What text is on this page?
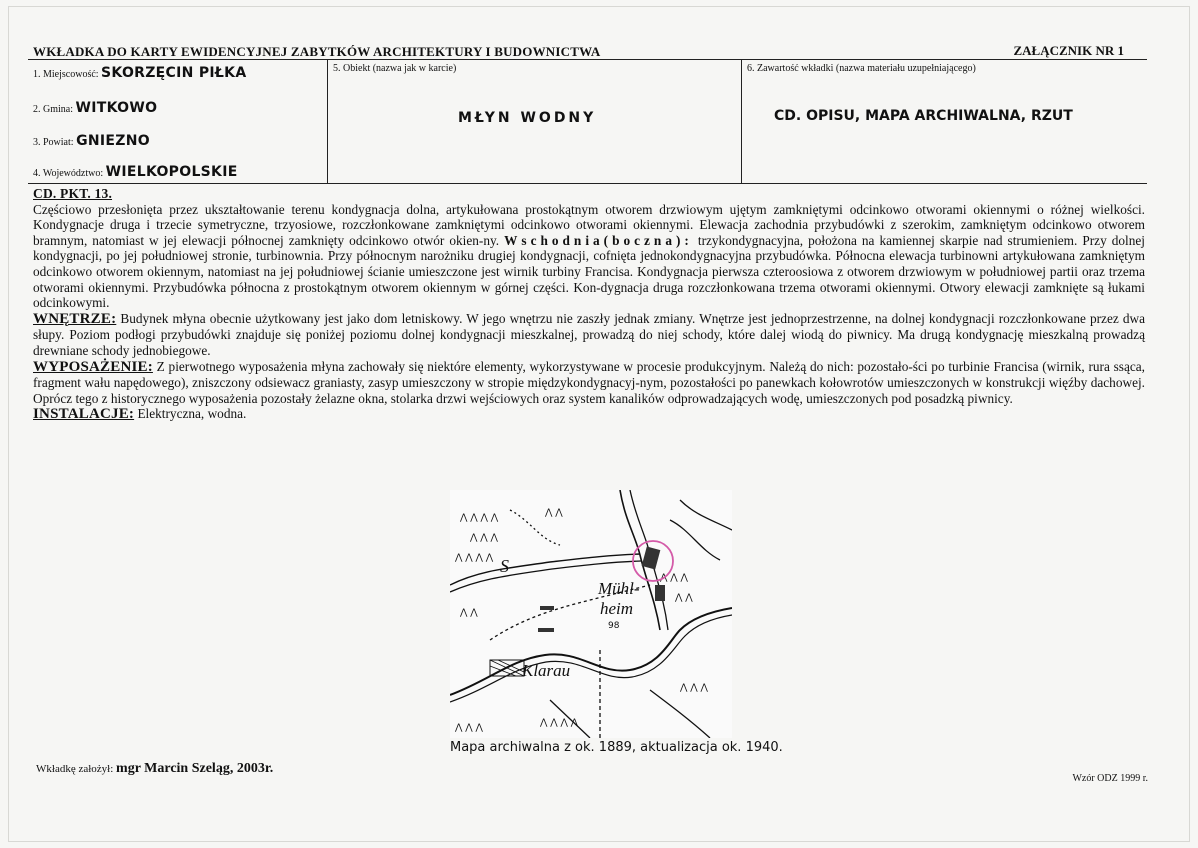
WKŁADKA DO KARTY EWIDENCYJNEJ ZABYTKÓW ARCHITEKTURY I BUDOWNICTWA	ZAŁĄCZNIK NR 1
1. Miejscowość: SKORZĘCIN PIŁKA
2. Gmina: WITKOWO
3. Powiat: GNIEZNO
4. Województwo: WIELKOPOLSKIE
5. Obiekt (nazwa jak w karcie)
MŁYN WODNY
6. Zawartość wkładki (nazwa materiału uzupełniającego)
CD. OPISU, MAPA ARCHIWALNA, RZUT

CD. PKT. 13.

Częściowo przesłonięta przez ukształtowanie terenu kondygnacja dolna, artykułowana prostokątnym otworem drzwiowym ujętym zamkniętymi odcinkowo otworami okiennymi o różnej wielkości. Kondygnacje druga i trzecie symetryczne, trzyosiowe, rozczłonkowane zamkniętymi odcinkowo otworami okiennymi. Elewacja zachodnia przybudówki z szerokim, zamkniętym odcinkowo otworem bramnym, natomiast w jej elewacji północnej zamknięty odcinkowo otwór okien-ny. Wschodnia(boczna): trzykondygnacyjna, położona na kamiennej skarpie nad strumieniem. Przy dolnej kondygnacji, po jej południowej stronie, turbinownia. Przy północnym narożniku drugiej kondygnacji, cofnięta jednokondygnacyjna przybudówka. Północna elewacja turbinowni artykułowana zamkniętym odcinkowo otworem okiennym, natomiast na jej południowej ścianie umieszczone jest wirnik turbiny Francisa. Kondygnacja pierwsza czteroosiowa z otworem drzwiowym w południowej partii oraz trzema otworami okiennymi. Przybudówka północna z prostokątnym otworem okiennym w górnej części. Kon-dygnacja druga rozczłonkowana trzema otworami okiennymi. Otwory elewacji zamknięte są łukami odcinkowymi.

WNĘTRZE: Budynek młyna obecnie użytkowany jest jako dom letniskowy. W jego wnętrzu nie zaszły jednak zmiany. Wnętrze jest jednoprzestrzenne, na dolnej kondygnacji rozczłonkowane przez dwa słupy. Poziom podłogi przybudówki znajduje się poniżej poziomu dolnej kondygnacji mieszkalnej, prowadzą do niej schody, które dalej wiodą do piwnicy. Ma drugą kondygnację mieszkalną prowadzą drewniane schody jednobiegowe.

WYPOSAŻENIE: Z pierwotnego wyposażenia młyna zachowały się niektóre elementy, wykorzystywane w procesie produkcyjnym. Należą do nich: pozostało-ści po turbinie Francisa (wirnik, rura ssąca, fragment wału napędowego), zniszczony odsiewacz graniasty, zasyp umieszczony w stropie międzykondygnacyj-nym, pozostałości po panewkach kołowrotów umieszczonych w konstrukcji więźby dachowej. Oprócz tego z historycznego wyposażenia pozostały żelazne okna, stolarka drzwi wejściowych oraz system kanalików odprowadzających wodę, umieszczonych pod posadzką piwnicy.

INSTALACJE: Elektryczna, wodna.

⋀ ⋀ ⋀ ⋀
⋀ ⋀ ⋀
⋀ ⋀ ⋀ ⋀
⋀ ⋀
⋀ ⋀ ⋀
⋀ ⋀
⋀ ⋀
⋀ ⋀ ⋀ ⋀
⋀ ⋀ ⋀
⋀ ⋀ ⋀
S
Mühl-
heim
98
Klarau
Mapa archiwalna z ok. 1889, aktualizacja ok. 1940.
Wkładkę założył: mgr Marcin Szeląg, 2003r.
Wzór ODZ 1999 r.
